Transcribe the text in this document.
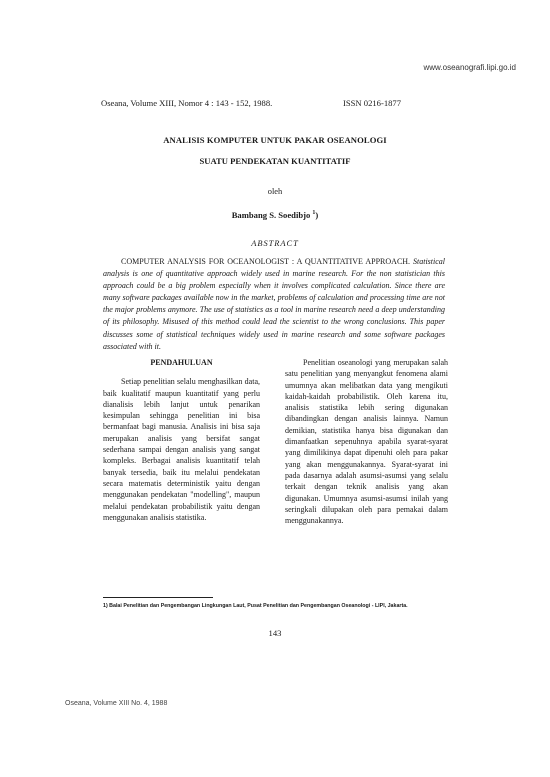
www.oseanografi.lipi.go.id
Oseana, Volume XIII, Nomor 4 : 143 - 152, 1988.	ISSN 0216-1877
ANALISIS KOMPUTER UNTUK PAKAR OSEANOLOGI
SUATU PENDEKATAN KUANTITATIF
oleh
Bambang S. Soedibjo $^1$)
ABSTRACT
COMPUTER ANALYSIS FOR OCEANOLOGIST : A QUANTITATIVE APPROACH. Statistical analysis is one of quantitative approach widely used in marine research. For the non statistician this approach could be a big problem especially when it involves complicated calculation. Since there are many software packages available now in the market, problems of calculation and processing time are not the major problems anymore. The use of statistics as a tool in marine research need a deep understanding of its philosophy. Misused of this method could lead the scientist to the wrong conclusions. This paper discusses some of statistical techniques widely used in marine research and some software packages associated with it.
PENDAHULUAN

Setiap penelitian selalu menghasilkan data, baik kualitatif maupun kuantitatif yang perlu dianalisis lebih lanjut untuk penarikan kesimpulan sehingga penelitian ini bisa bermanfaat bagi manusia. Analisis ini bisa saja merupakan analisis yang bersifat sangat sederhana sampai dengan analisis yang sangat kompleks. Berbagai analisis kuantitatif telah banyak tersedia, baik itu melalui pendekatan secara matematis deterministik yaitu dengan menggunakan pendekatan "modelling", maupun melalui pendekatan probabilistik yaitu dengan menggunakan analisis statistika.

Penelitian oseanologi yang merupakan salah satu penelitian yang menyangkut fenomena alami umumnya akan melibatkan data yang mengikuti kaidah-kaidah probabilistik. Oleh karena itu, analisis statistika lebih sering digunakan dibandingkan dengan analisis lainnya. Namun demikian, statistika hanya bisa digunakan dan dimanfaatkan sepenuhnya apabila syarat-syarat yang dimilikinya dapat dipenuhi oleh para pakar yang akan menggunakannya. Syarat-syarat ini pada dasarnya adalah asumsi-asumsi yang selalu terkait dengan teknik analisis yang akan digunakan. Umumnya asumsi-asumsi inilah yang seringkali dilupakan oleh para pemakai dalam menggunakannya.

1) Balai Penelitian dan Pengembangan Lingkungan Laut, Pusat Penelitian dan Pengembangan Oseanologi - LIPI, Jakarta.
143
Oseana, Volume XIII No. 4, 1988
